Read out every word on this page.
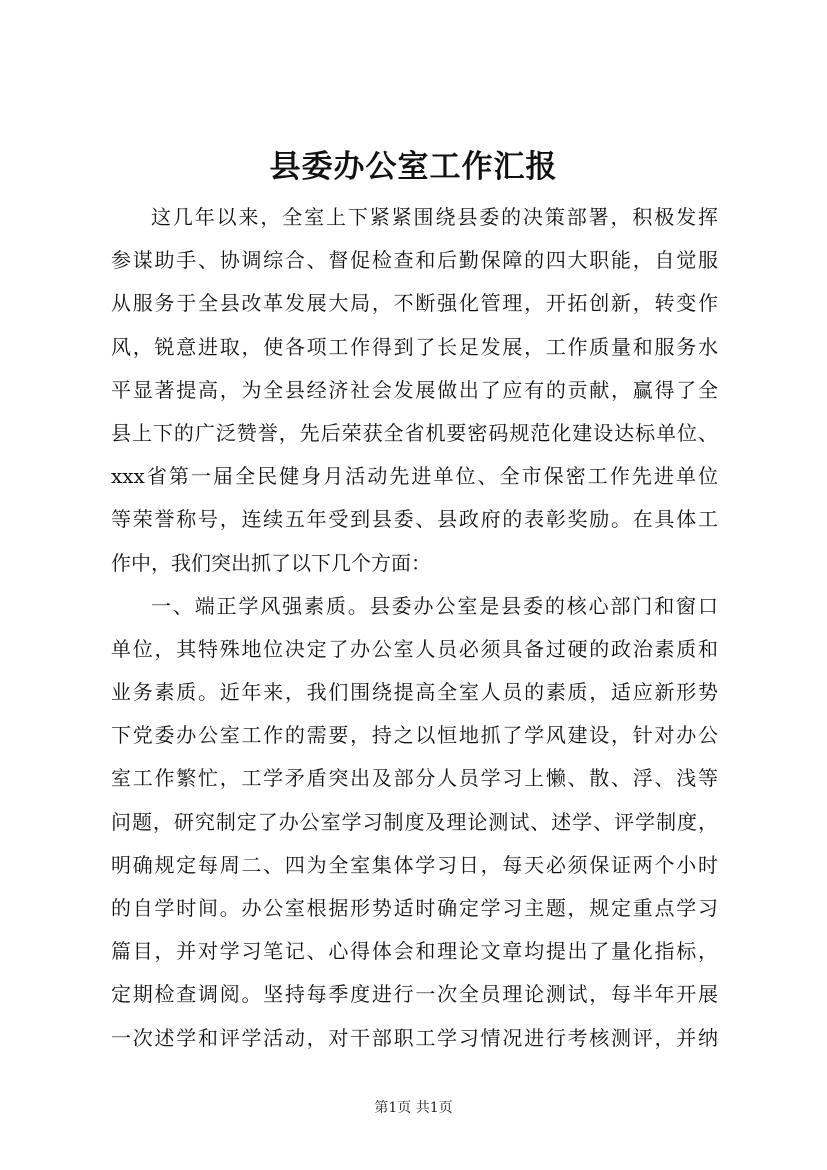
县委办公室工作汇报
这几年以来，全室上下紧紧围绕县委的决策部署，积极发挥
参谋助手、协调综合、督促检查和后勤保障的四大职能，自觉服
从服务于全县改革发展大局，不断强化管理，开拓创新，转变作
风，锐意进取，使各项工作得到了长足发展，工作质量和服务水
平显著提高，为全县经济社会发展做出了应有的贡献，赢得了全
县上下的广泛赞誉，先后荣获全省机要密码规范化建设达标单位、
xxx省第一届全民健身月活动先进单位、全市保密工作先进单位
等荣誉称号，连续五年受到县委、县政府的表彰奖励。在具体工
作中，我们突出抓了以下几个方面：
一、端正学风强素质。县委办公室是县委的核心部门和窗口
单位，其特殊地位决定了办公室人员必须具备过硬的政治素质和
业务素质。近年来，我们围绕提高全室人员的素质，适应新形势
下党委办公室工作的需要，持之以恒地抓了学风建设，针对办公
室工作繁忙，工学矛盾突出及部分人员学习上懒、散、浮、浅等
问题，研究制定了办公室学习制度及理论测试、述学、评学制度，
明确规定每周二、四为全室集体学习日，每天必须保证两个小时
的自学时间。办公室根据形势适时确定学习主题，规定重点学习
篇目，并对学习笔记、心得体会和理论文章均提出了量化指标，
定期检查调阅。坚持每季度进行一次全员理论测试，每半年开展
一次述学和评学活动，对干部职工学习情况进行考核测评，并纳
第1页 共1页
